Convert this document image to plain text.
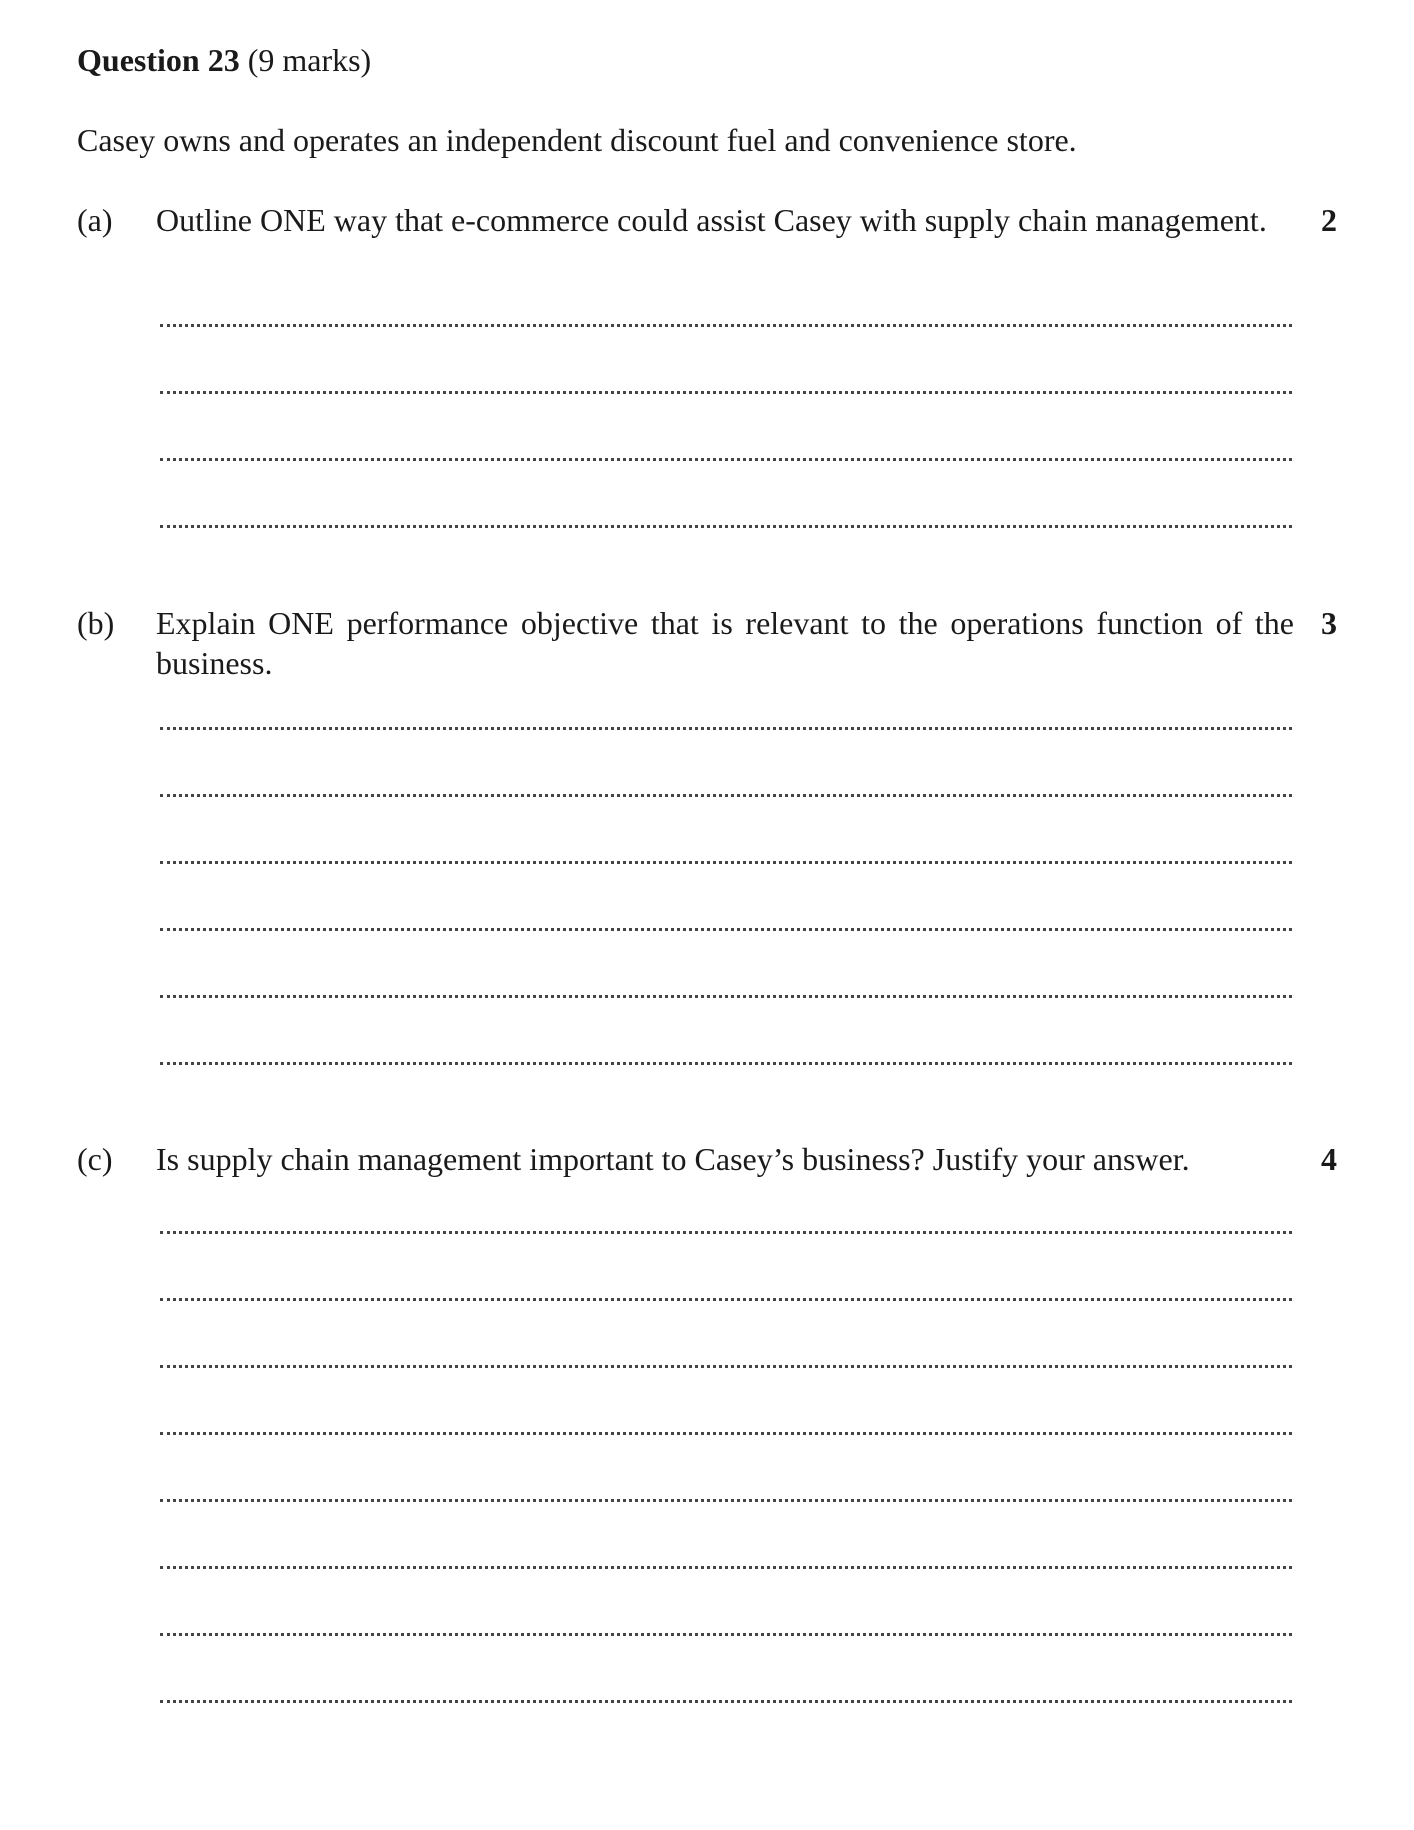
Question 23 (9 marks)
Casey owns and operates an independent discount fuel and convenience store.
(a) Outline ONE way that e-commerce could assist Casey with supply chain management.	2
(b) Explain ONE performance objective that is relevant to the operations function of the business.
3
(c) Is supply chain management important to Casey’s business? Justify your answer.	4
